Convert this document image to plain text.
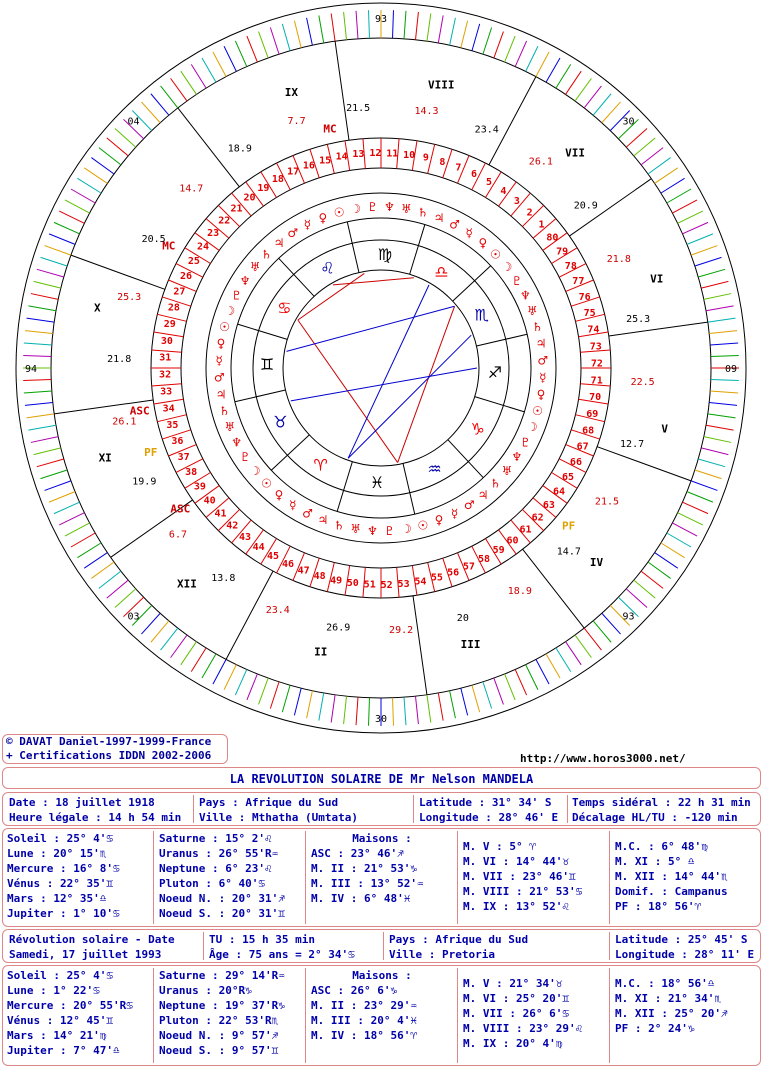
♍
♌
♋
♊
♉
♈
♓
♒
♑
♐
♏
♎
♂
♃
♄
♅
♆
♇
☽
☉
♀
☿
♂
♃
♄
♅
♆
♇
☽
☉
♀
☿
♂
♃
♄
♅
♆
♇
☽
☉
♀
☿
♂
♃
♄
♅
♆
♇
☽
☉
♀
☿
♂ ♃ ♄ ♅ ♆ ♇ ☽ ☉ ♀ ☿
♂
♃
♄
♅
♆
♇
☽
☉
♀
☿
15 14 13 12 11 10 9 8 7
6
5
4
3
2
1
80
79
78
77
76
75
74
73
72
71
70
69
68
67
66
65
64
63
62
61
60
59
58
57
56
55
54
53
52
51
50
49
48
47
46
45
44
43
42
41
40
39
38
37
36
35
34
33
32
31
30
29
28
27
26
25
24
23
22
21
20
19
18
17
16
IX
VIII
VII
VI
V
IV
III
II
XII
XI
X
14.3
23.4
26.1
20.9
21.8
25.3
22.5
12.7
21.5
14.7
18.9
20
29.2
26.9
23.4
13.8
6.7
19.9
26.1
21.8
25.3
20.5
14.7
18.9
7.7
21.5
93
30
09
93
30
03
94
04
MC
ASC
PF
PF
ASC
MC
© DAVAT Daniel-1997-1999-France
+ Certifications IDDN 2002-2006	http://www.horos3000.net/
LA REVOLUTION SOLAIRE DE Mr Nelson MANDELA
Date : 18 juillet 1918
Heure légale : 14 h 54 min
Pays : Afrique du Sud
Ville : Mthatha (Umtata)
Latitude : 31° 34' S
Longitude : 28° 46' E
Temps sidéral : 22 h 31 min
Décalage HL/TU : -120 min
Soleil : 25° 4'♋
Lune : 20° 15'♏
Mercure : 16° 8'♋
Vénus : 22° 35'♊
Mars : 12° 35'♎
Jupiter : 1° 10'♋
Saturne : 15° 2'♌
Uranus : 26° 55'R♒
Neptune : 6° 23'♌
Pluton : 6° 40'♋
Noeud N. : 20° 31'♐
Noeud S. : 20° 31'♊
Maisons :
ASC : 23° 46'♐
M. II : 21° 53'♑
M. III : 13° 52'♒
M. IV : 6° 48'♓
M. V : 5° ♈
M. VI : 14° 44'♉
M. VII : 23° 46'♊
M. VIII : 21° 53'♋
M. IX : 13° 52'♌
M.C. : 6° 48'♍
M. XI : 5° ♎
M. XII : 14° 44'♏
Domif. : Campanus
PF : 18° 56'♈
Révolution solaire - Date
Samedi, 17 juillet 1993
TU : 15 h 35 min
Âge : 75 ans = 2° 34'♋
Pays : Afrique du Sud
Ville : Pretoria
Latitude : 25° 45' S
Longitude : 28° 11' E
Soleil : 25° 4'♋
Lune : 1° 22'♋
Mercure : 20° 55'R♋
Vénus : 12° 45'♊
Mars : 14° 21'♍
Jupiter : 7° 47'♎
Saturne : 29° 14'R♒
Uranus : 20°R♑
Neptune : 19° 37'R♑
Pluton : 22° 53'R♏
Noeud N. : 9° 57'♐
Noeud S. : 9° 57'♊
Maisons :
ASC : 26° 6'♑
M. II : 23° 29'♒
M. III : 20° 4'♓
M. IV : 18° 56'♈
M. V : 21° 34'♉
M. VI : 25° 20'♊
M. VII : 26° 6'♋
M. VIII : 23° 29'♌
M. IX : 20° 4'♍
M.C. : 18° 56'♎
M. XI : 21° 34'♏
M. XII : 25° 20'♐
PF : 2° 24'♑
